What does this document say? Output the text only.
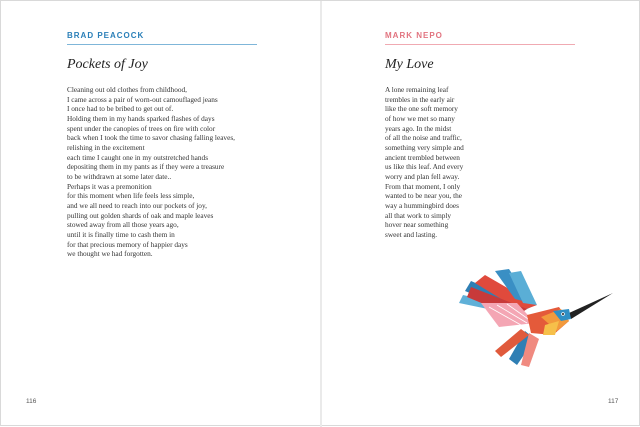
BRAD PEACOCK
Pockets of Joy
Cleaning out old clothes from childhood,
I came across a pair of worn-out camouflaged jeans
I once had to be bribed to get out of.
Holding them in my hands sparked flashes of days
spent under the canopies of trees on fire with color
back when I took the time to savor chasing falling leaves,
relishing in the excitement
each time I caught one in my outstretched hands
depositing them in my pants as if they were a treasure
to be withdrawn at some later date..
Perhaps it was a premonition
for this moment when life feels less simple,
and we all need to reach into our pockets of joy,
pulling out golden shards of oak and maple leaves
stowed away from all those years ago,
until it is finally time to cash them in
for that precious memory of happier days
we thought we had forgotten.
116
MARK NEPO
My Love
A lone remaining leaf
trembles in the early air
like the one soft memory
of how we met so many
years ago. In the midst
of all the noise and traffic,
something very simple and
ancient trembled between
us like this leaf. And every
worry and plan fell away.
From that moment, I only
wanted to be near you, the
way a hummingbird does
all that work to simply
hover near something
sweet and lasting.
117
